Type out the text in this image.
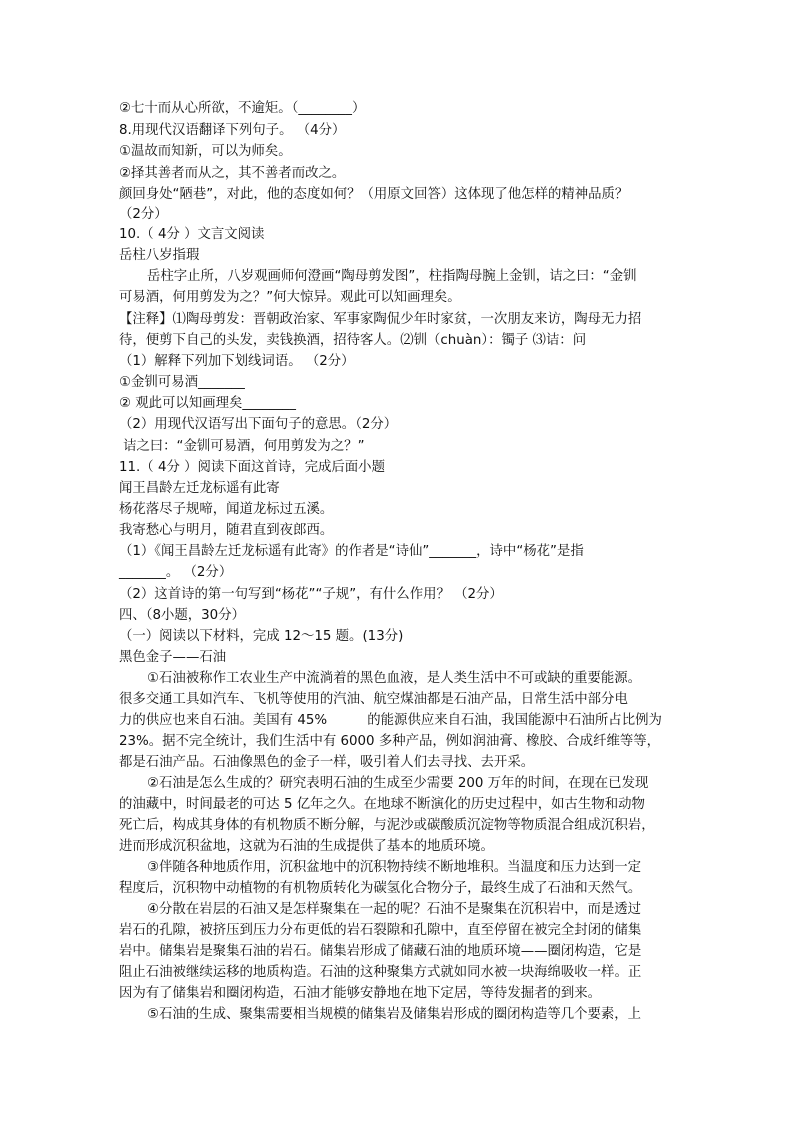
②七十而从心所欲，不逾矩。（________）
8.用现代汉语翻译下列句子。 （4分）
①温故而知新，可以为师矣。
②择其善者而从之，其不善者而改之。
颜回身处“陋巷”，对此，他的态度如何？（用原文回答）这体现了他怎样的精神品质？
（2分）
10.（ 4分 ）文言文阅读
岳柱八岁指瑕
岳柱字止所，八岁观画师何澄画“陶母剪发图”，柱指陶母腕上金钏，诘之曰：“金钏
可易酒，何用剪发为之？”何大惊异。观此可以知画理矣。
【注释】⑴陶母剪发：晋朝政治家、军事家陶侃少年时家贫，一次朋友来访，陶母无力招
待，便剪下自己的头发，卖钱换酒，招待客人。⑵钏（chuàn）：镯子 ⑶诘：问
（1）解释下列加下划线词语。 （2分）
①金钏可易酒_______
② 观此可以知画理矣________
（2）用现代汉语写出下面句子的意思。（2分）
诘之曰：“金钏可易酒，何用剪发为之？”
11.（ 4分 ）阅读下面这首诗，完成后面小题
闻王昌龄左迁龙标遥有此寄
杨花落尽子规啼，闻道龙标过五溪。
我寄愁心与明月，随君直到夜郎西。
（1）《闻王昌龄左迁龙标遥有此寄》的作者是“诗仙”_______，诗中“杨花”是指
_______。 （2分）
（2）这首诗的第一句写到“杨花”“子规”，有什么作用？ （2分）
四、（8小题，30分）
（一）阅读以下材料，完成 12～15 题。(13分)
黑色金子——石油
①石油被称作工农业生产中流淌着的黑色血液，是人类生活中不可或缺的重要能源。
很多交通工具如汽车、飞机等使用的汽油、航空煤油都是石油产品，日常生活中部分电
力的供应也来自石油。美国有 45%　　　的能源供应来自石油，我国能源中石油所占比例为
23%。据不完全统计，我们生活中有 6000 多种产品，例如润油膏、橡胶、合成纤维等等，
都是石油产品。石油像黑色的金子一样，吸引着人们去寻找、去开采。
②石油是怎么生成的？研究表明石油的生成至少需要 200 万年的时间，在现在已发现
的油藏中，时间最老的可达 5 亿年之久。在地球不断演化的历史过程中，如古生物和动物
死亡后，构成其身体的有机物质不断分解，与泥沙或碳酸质沉淀物等物质混合组成沉积岩，
进而形成沉积盆地，这就为石油的生成提供了基本的地质环境。
③伴随各种地质作用，沉积盆地中的沉积物持续不断地堆积。当温度和压力达到一定
程度后，沉积物中动植物的有机物质转化为碳氢化合物分子，最终生成了石油和天然气。
④分散在岩层的石油又是怎样聚集在一起的呢？石油不是聚集在沉积岩中，而是透过
岩石的孔隙，被挤压到压力分布更低的岩石裂隙和孔隙中，直至停留在被完全封闭的储集
岩中。储集岩是聚集石油的岩石。储集岩形成了储藏石油的地质环境——圈闭构造，它是
阻止石油被继续运移的地质构造。石油的这种聚集方式就如同水被一块海绵吸收一样。正
因为有了储集岩和圈闭构造，石油才能够安静地在地下定居，等待发掘者的到来。
⑤石油的生成、聚集需要相当规模的储集岩及储集岩形成的圈闭构造等几个要素，上
